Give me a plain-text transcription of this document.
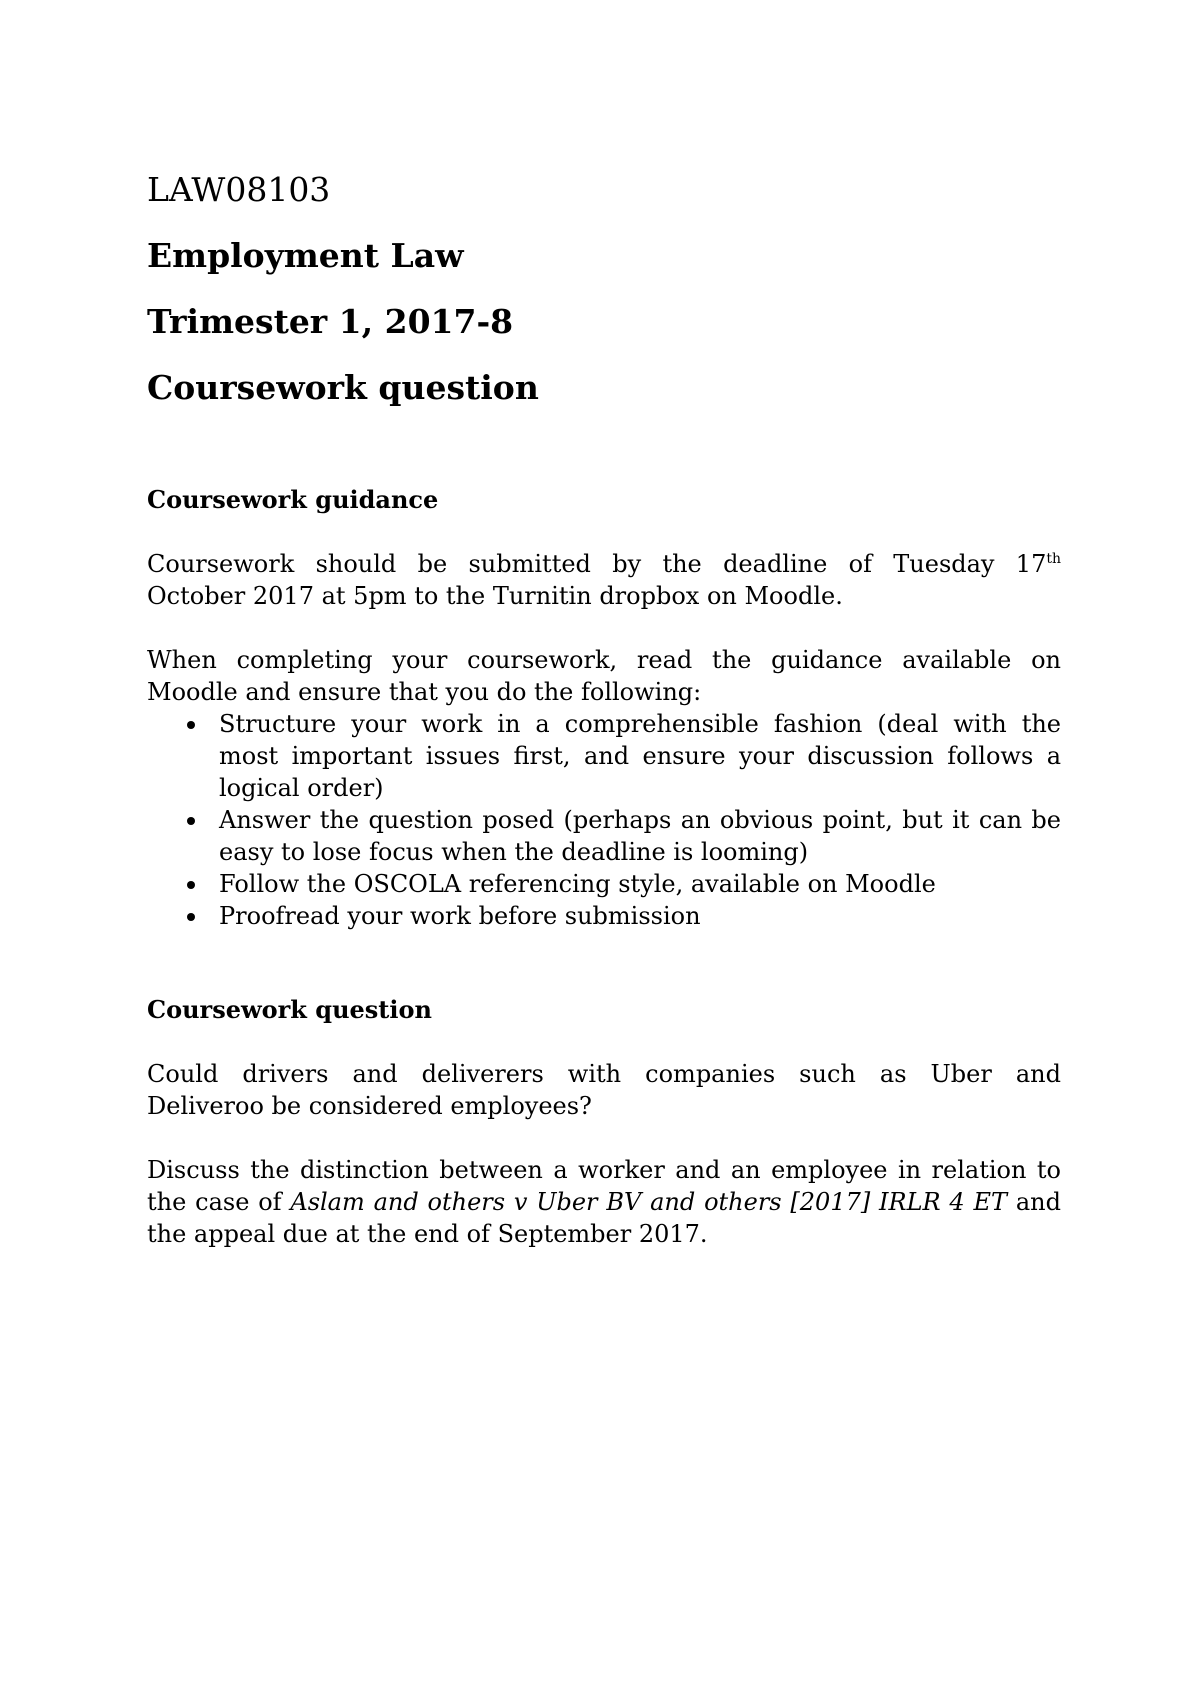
LAW08103
Employment Law
Trimester 1, 2017-8
Coursework question
Coursework guidance
Coursework should be submitted by the deadline of Tuesday 17th
October 2017 at 5pm to the Turnitin dropbox on Moodle.
When completing your coursework, read the guidance available on
Moodle and ensure that you do the following:
Structure your work in a comprehensible fashion (deal with the most important issues first, and ensure your discussion follows a logical order)
Answer the question posed (perhaps an obvious point, but it can be easy to lose focus when the deadline is looming)
Follow the OSCOLA referencing style, available on Moodle
Proofread your work before submission
Coursework question
Could drivers and deliverers with companies such as Uber and
Deliveroo be considered employees?
Discuss the distinction between a worker and an employee in relation to the case of Aslam and others v Uber BV and others [2017] IRLR 4 ET and the appeal due at the end of September 2017.
